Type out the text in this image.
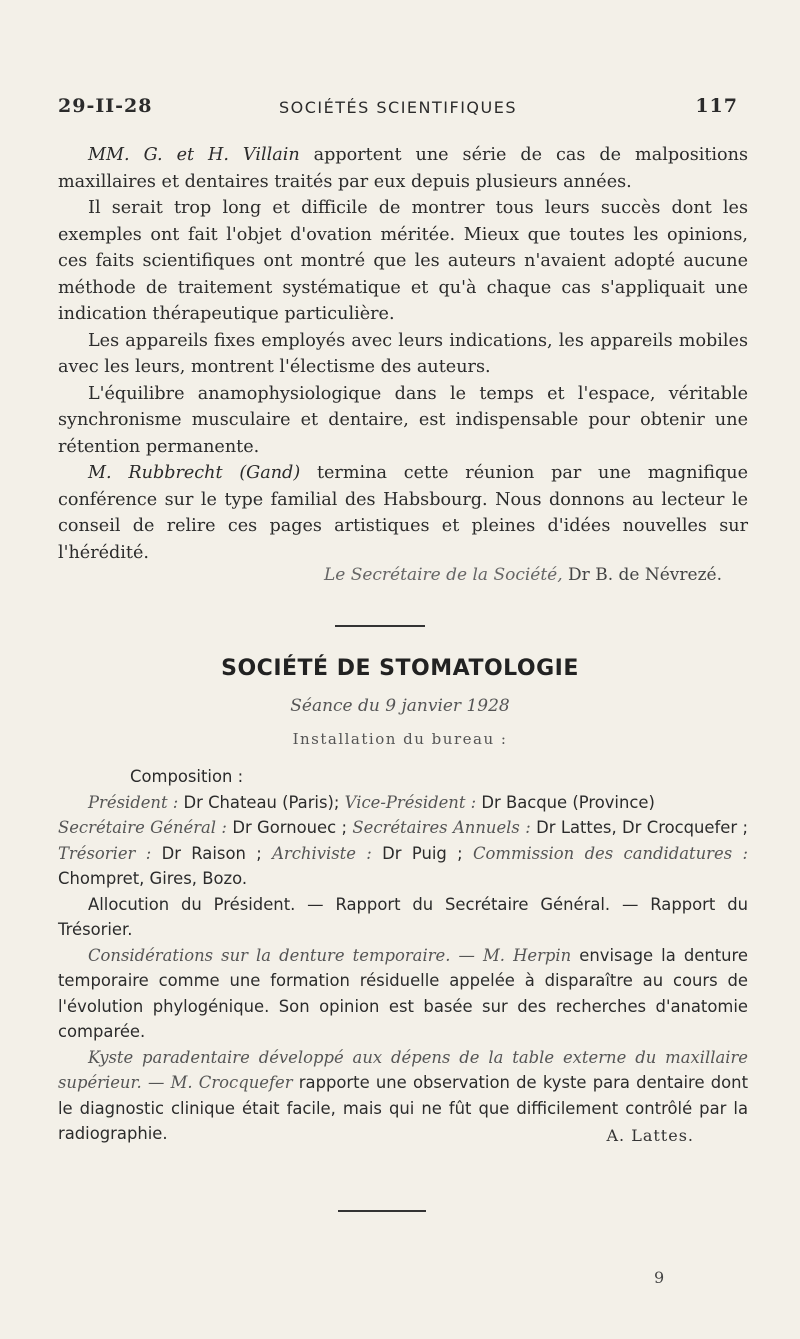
29-II-28	SOCIÉTÉS SCIENTIFIQUES	117

MM. G. et H. Villain apportent une série de cas de malpositions maxillaires et dentaires traités par eux depuis plusieurs années.

Il serait trop long et difficile de montrer tous leurs succès dont les exemples ont fait l'objet d'ovation méritée. Mieux que toutes les opinions, ces faits scientifiques ont montré que les auteurs n'avaient adopté aucune méthode de traitement systématique et qu'à chaque cas s'appliquait une indication thérapeutique particulière.

Les appareils fixes employés avec leurs indications, les appareils mobiles avec les leurs, montrent l'électisme des auteurs.

L'équilibre anamophysiologique dans le temps et l'espace, véritable synchronisme musculaire et dentaire, est indispensable pour obtenir une rétention permanente.

M. Rubbrecht (Gand) termina cette réunion par une magnifique conférence sur le type familial des Habsbourg. Nous donnons au lecteur le conseil de relire ces pages artistiques et pleines d'idées nouvelles sur l'hérédité.

Le Secrétaire de la Société, Dr B. de Névrezé.
SOCIÉTÉ DE STOMATOLOGIE
Séance du 9 janvier 1928
Installation du bureau :

Composition :

Président : Dr Chateau (Paris); Vice-Président : Dr Bacque (Province)

Secrétaire Général : Dr Gornouec ; Secrétaires Annuels : Dr Lattes, Dr Crocquefer ; Trésorier : Dr Raison ; Archiviste : Dr Puig ; Commission des candidatures : Chompret, Gires, Bozo.

Allocution du Président. — Rapport du Secrétaire Général. — Rapport du Trésorier.

Considérations sur la denture temporaire. — M. Herpin envisage la denture temporaire comme une formation résiduelle appelée à disparaître au cours de l'évolution phylogénique. Son opinion est basée sur des recherches d'anatomie comparée.

Kyste paradentaire développé aux dépens de la table externe du maxillaire supérieur. — M. Crocquefer rapporte une observation de kyste para dentaire dont le diagnostic clinique était facile, mais qui ne fût que difficilement contrôlé par la radiographie.	A. Lattes.
9
